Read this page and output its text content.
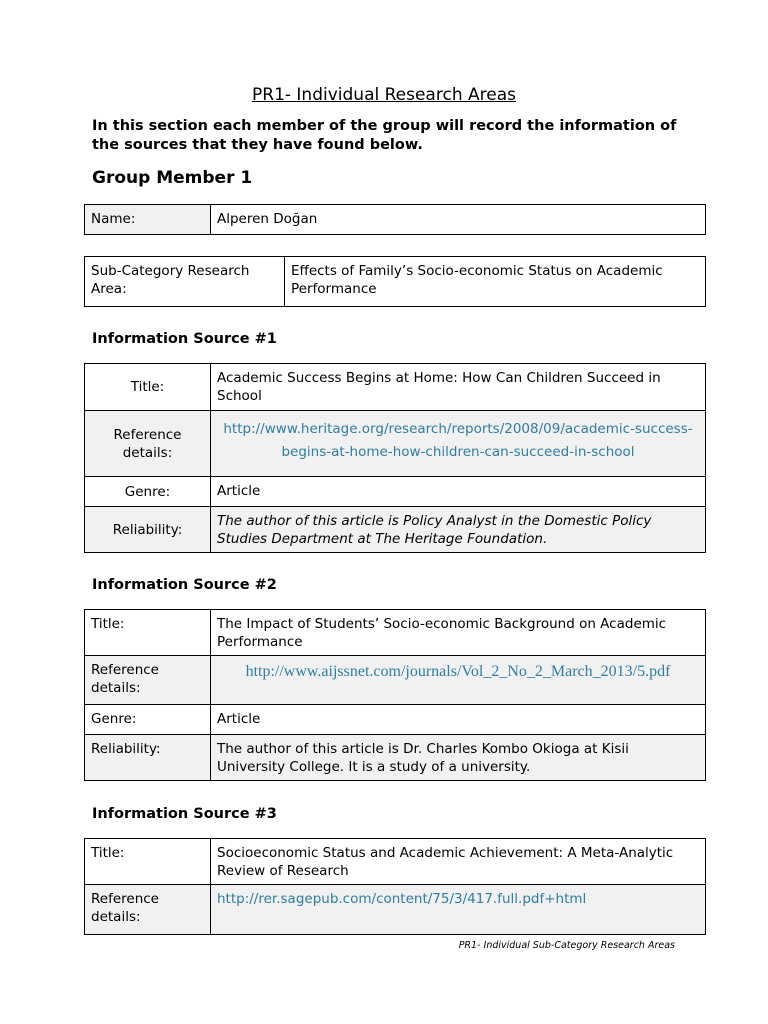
PR1- Individual Research Areas

In this section each member of the group will record the information of the sources that they have found below.

Group Member 1
Name:	Alperen Doğan
Sub-Category Research Area:	Effects of Family’s Socio-economic Status on Academic Performance
Information Source #1
Title:	Academic Success Begins at Home: How Can Children Succeed in School
Reference details:	http://www.heritage.org/research/reports/2008/09/academic-success-begins-at-home-how-children-can-succeed-in-school

Genre:	Article
Reliability:	The author of this article is Policy Analyst in the Domestic Policy Studies Department at The Heritage Foundation.
Information Source #2
Title:	The Impact of Students’ Socio-economic Background on Academic Performance
Reference details:	http://www.aijssnet.com/journals/Vol_2_No_2_March_2013/5.pdf

Genre:	Article
Reliability:	The author of this article is Dr. Charles Kombo Okioga at Kisii University College. It is a study of a university.
Information Source #3
Title:	Socioeconomic Status and Academic Achievement: A Meta-Analytic Review of Research
Reference details:	http://rer.sagepub.com/content/75/3/417.full.pdf+html
PR1- Individual Sub-Category Research Areas
